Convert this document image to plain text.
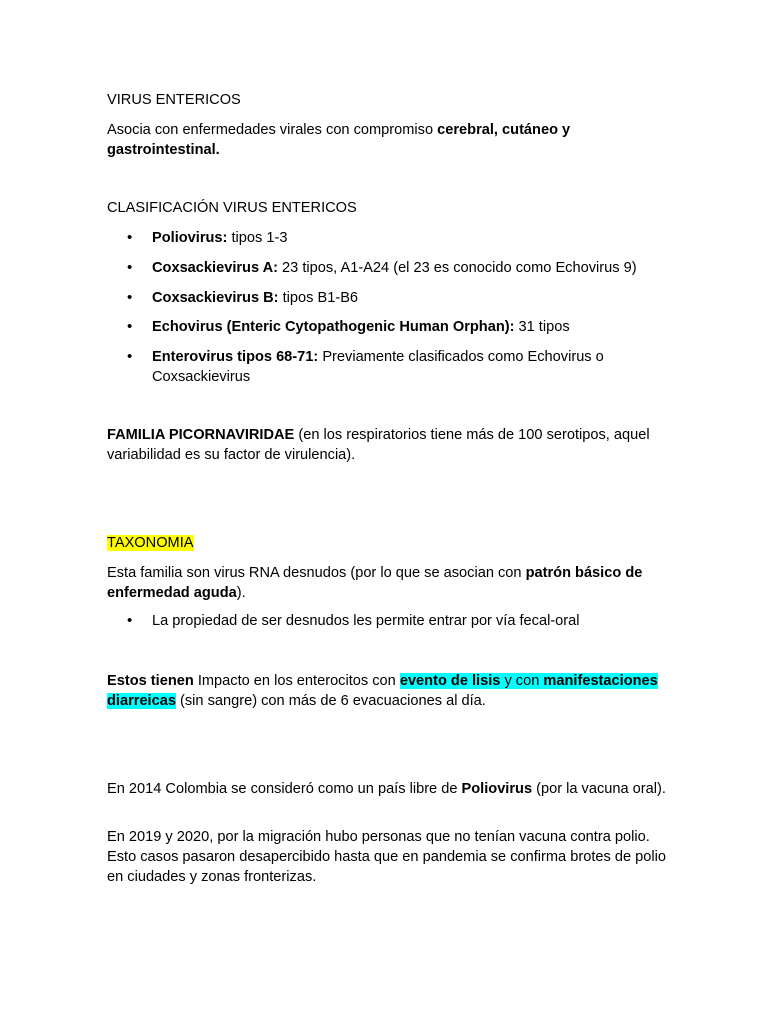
VIRUS ENTERICOS

Asocia con enfermedades virales con compromiso cerebral, cutáneo y gastrointestinal.

CLASIFICACIÓN VIRUS ENTERICOS

• Poliovirus: tipos 1-3
• Coxsackievirus A: 23 tipos, A1-A24 (el 23 es conocido como Echovirus 9)
• Coxsackievirus B: tipos B1-B6
• Echovirus (Enteric Cytopathogenic Human Orphan): 31 tipos
• Enterovirus tipos 68-71: Previamente clasificados como Echovirus o Coxsackievirus

FAMILIA PICORNAVIRIDAE (en los respiratorios tiene más de 100 serotipos, aquel variabilidad es su factor de virulencia).

TAXONOMIA

Esta familia son virus RNA desnudos (por lo que se asocian con patrón básico de enfermedad aguda).

• La propiedad de ser desnudos les permite entrar por vía fecal-oral

Estos tienen Impacto en los enterocitos con evento de lisis y con manifestaciones diarreicas (sin sangre) con más de 6 evacuaciones al día.

En 2014 Colombia se consideró como un país libre de Poliovirus (por la vacuna oral).

En 2019 y 2020, por la migración hubo personas que no tenían vacuna contra polio. Esto casos pasaron desapercibido hasta que en pandemia se confirma brotes de polio en ciudades y zonas fronterizas.
